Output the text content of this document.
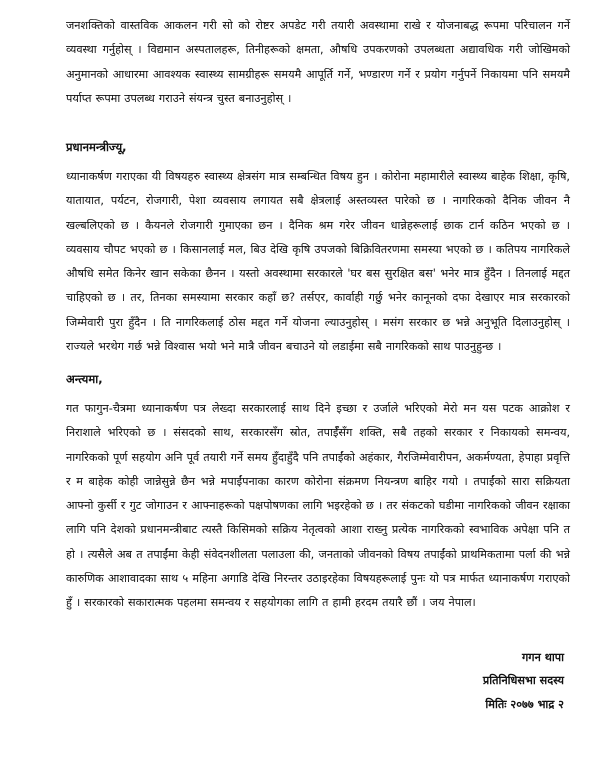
जनशक्तिको वास्तविक आकलन गरी सो को रोष्टर अपडेट गरी तयारी अवस्थामा राखे र योजनाबद्ध रूपमा परिचालन गर्ने व्यवस्था गर्नुहोस् । विद्यमान अस्पतालहरू, तिनीहरूको क्षमता, औषधि उपकरणको उपलब्धता अद्यावधिक गरी जोखिमको अनुमानको आधारमा आवश्यक स्वास्थ्य सामग्रीहरू समयमै आपूर्ति गर्ने, भण्डारण गर्ने र प्रयोग गर्नुपर्ने निकायमा पनि समयमै पर्याप्त रूपमा उपलब्ध गराउने संयन्त्र चुस्त बनाउनुहोस् ।
प्रधानमन्त्रीज्यू,
ध्यानाकर्षण गराएका यी विषयहरु स्वास्थ्य क्षेत्रसंग मात्र सम्बन्धित विषय हुन । कोरोना महामारीले स्वास्थ्य बाहेक शिक्षा, कृषि, यातायात, पर्यटन, रोजगारी, पेशा व्यवसाय लगायत सबै क्षेत्रलाई अस्तव्यस्त पारेको छ । नागरिकको दैनिक जीवन नै खल्बलिएको छ । कैयनले रोजगारी गुमाएका छन । दैनिक श्रम गरेर जीवन धान्नेहरूलाई छाक टार्न कठिन भएको छ । व्यवसाय चौपट भएको छ । किसानलाई मल, बिउ देखि कृषि उपजको बिक्रिवितरणमा समस्या भएको छ । कतिपय नागरिकले औषधि समेत किनेर खान सकेका छैनन । यस्तो अवस्थामा सरकारले 'घर बस सुरक्षित बस' भनेर मात्र हुँदैन । तिनलाई मद्दत चाहिएको छ । तर, तिनका समस्यामा सरकार कहाँ छ? तर्सएर, कार्वाही गर्छु भनेर कानूनको दफा देखाएर मात्र सरकारको जिम्मेवारी पुरा हुँदैन । ति नागरिकलाई ठोस मद्दत गर्ने योजना ल्याउनुहोस् । मसंग सरकार छ भन्ने अनुभूति दिलाउनुहोस् । राज्यले भरथेग गर्छ भन्ने विश्वास भयो भने मात्रै जीवन बचाउने यो लडाईमा सबै नागरिकको साथ पाउनुहुन्छ ।
अन्त्यमा,
गत फागुन-चैत्रमा ध्यानाकर्षण पत्र लेख्दा सरकारलाई साथ दिने इच्छा र उर्जाले भरिएको मेरो मन यस पटक आक्रोश र निराशाले भरिएको छ । संसदको साथ, सरकारसँग स्रोत, तपाईँसँग शक्ति, सबै तहको सरकार र निकायको समन्वय, नागरिकको पूर्ण सहयोग अनि पूर्व तयारी गर्ने समय हुँदाहुँदै पनि तपाईंको अहंकार, गैरजिम्मेवारीपन, अकर्मण्यता, हेपाहा प्रवृत्ति र म बाहेक कोही जान्नेसुन्ने छैन भन्ने मपाईंपनाका कारण कोरोना संक्रमण नियन्त्रण बाहिर गयो । तपाईंको सारा सक्रियता आफ्नो कुर्सी र गुट जोगाउन र आफ्नाहरूको पक्षपोषणका लागि भइरहेको छ । तर संकटको घडीमा नागरिकको जीवन रक्षाका लागि पनि देशको प्रधानमन्त्रीबाट त्यस्तै किसिमको सक्रिय नेतृत्वको आशा राख्नु प्रत्येक नागरिकको स्वभाविक अपेक्षा पनि त हो । त्यसैले अब त तपाईंमा केही संवेदनशीलता पलाउला की, जनताको जीवनको विषय तपाईंको प्राथमिकतामा पर्ला की भन्ने कारुणिक आशावादका साथ ५ महिना अगाडि देखि निरन्तर उठाइरहेका विषयहरूलाई पुनः यो पत्र मार्फत ध्यानाकर्षण गराएको हुँ । सरकारको सकारात्मक पहलमा समन्वय र सहयोगका लागि त हामी हरदम तयारै छौं । जय नेपाल।
गगन थापा
प्रतिनिधिसभा सदस्य
मितिः २०७७ भाद्र २
